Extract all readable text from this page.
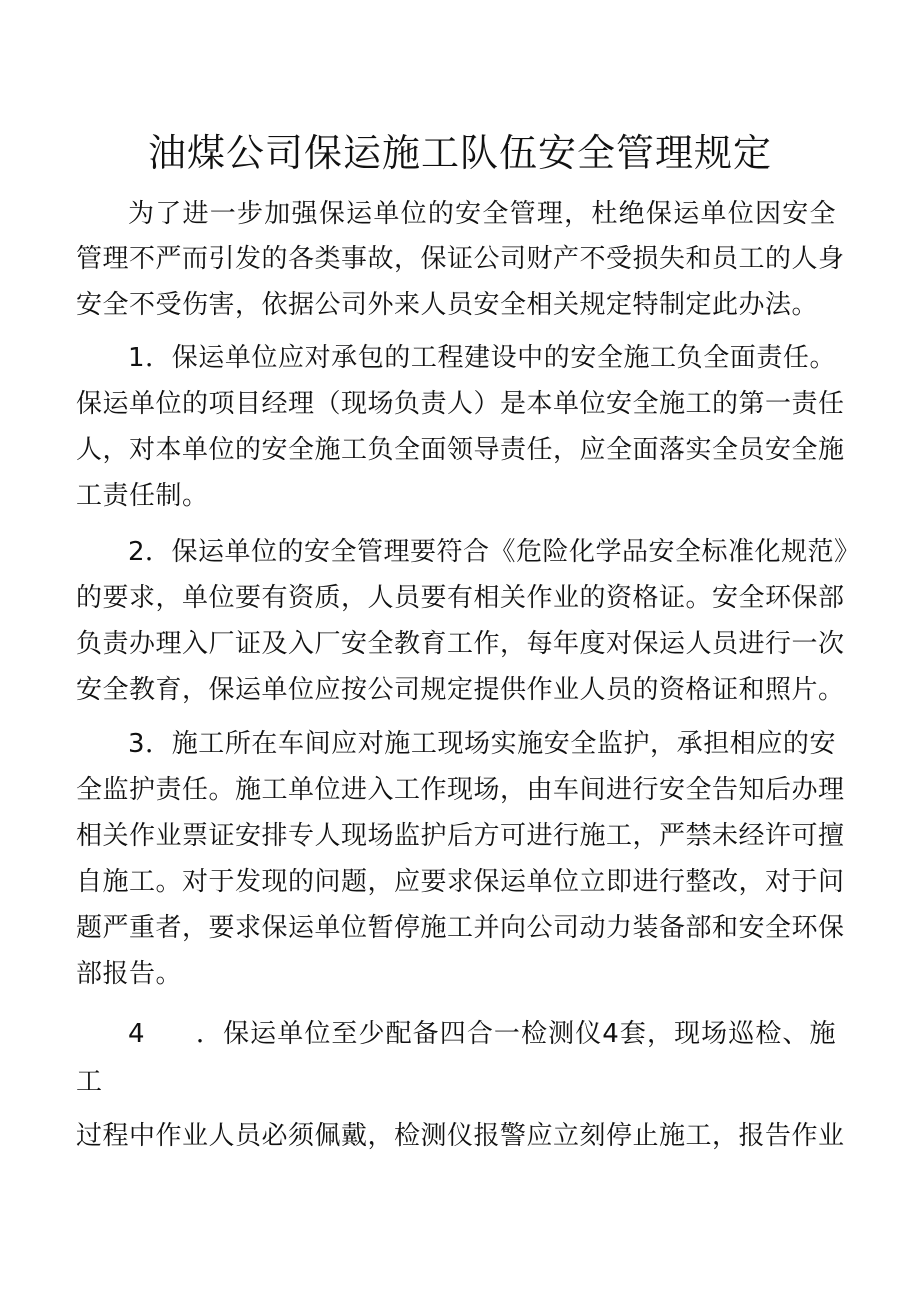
油煤公司保运施工队伍安全管理规定
为了进一步加强保运单位的安全管理，杜绝保运单位因安全
管理不严而引发的各类事故，保证公司财产不受损失和员工的人身
安全不受伤害，依据公司外来人员安全相关规定特制定此办法。
1．保运单位应对承包的工程建设中的安全施工负全面责任。
保运单位的项目经理（现场负责人）是本单位安全施工的第一责任
人，对本单位的安全施工负全面领导责任，应全面落实全员安全施
工责任制。
2．保运单位的安全管理要符合《危险化学品安全标准化规范》
的要求，单位要有资质，人员要有相关作业的资格证。安全环保部
负责办理入厂证及入厂安全教育工作，每年度对保运人员进行一次
安全教育，保运单位应按公司规定提供作业人员的资格证和照片。
3．施工所在车间应对施工现场实施安全监护，承担相应的安
全监护责任。施工单位进入工作现场，由车间进行安全告知后办理
相关作业票证安排专人现场监护后方可进行施工，严禁未经许可擅
自施工。对于发现的问题，应要求保运单位立即进行整改，对于问
题严重者，要求保运单位暂停施工并向公司动力装备部和安全环保
部报告。
4 ．保运单位至少配备四合一检测仪4套，现场巡检、施
工
过程中作业人员必须佩戴，检测仪报警应立刻停止施工，报告作业
